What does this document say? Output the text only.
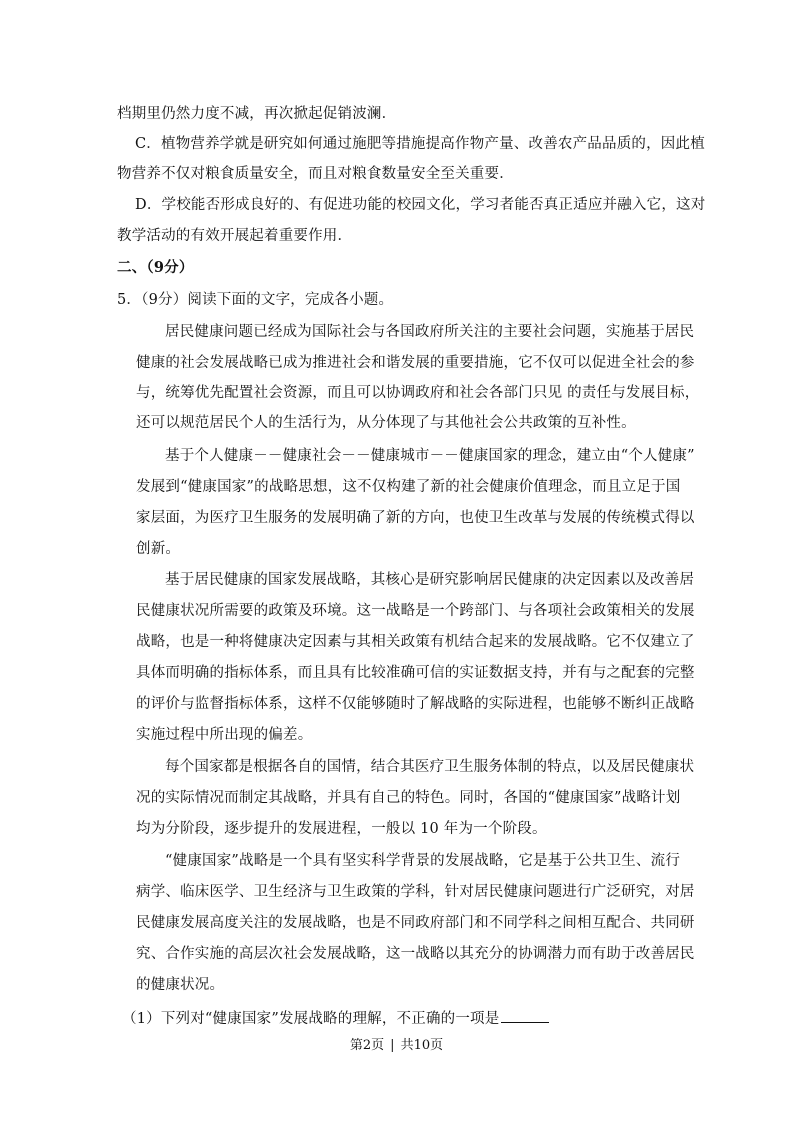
档期里仍然力度不减，再次掀起促销波澜．
C．植物营养学就是研究如何通过施肥等措施提高作物产量、改善农产品品质的，因此植
物营养不仅对粮食质量安全，而且对粮食数量安全至关重要．
D．学校能否形成良好的、有促进功能的校园文化，学习者能否真正适应并融入它，这对
教学活动的有效开展起着重要作用．
二、（9分）
5．（9分）阅读下面的文字，完成各小题。
居民健康问题已经成为国际社会与各国政府所关注的主要社会问题，实施基于居民
健康的社会发展战略已成为推进社会和谐发展的重要措施，它不仅可以促进全社会的参
与，统筹优先配置社会资源，而且可以协调政府和社会各部门只见 的责任与发展目标，
还可以规范居民个人的生活行为，从分体现了与其他社会公共政策的互补性。
基于个人健康－－健康社会－－健康城市－－健康国家的理念，建立由“个人健康”
发展到“健康国家”的战略思想，这不仅构建了新的社会健康价值理念，而且立足于国
家层面，为医疗卫生服务的发展明确了新的方向，也使卫生改革与发展的传统模式得以
创新。
基于居民健康的国家发展战略，其核心是研究影响居民健康的决定因素以及改善居
民健康状况所需要的政策及环境。这一战略是一个跨部门、与各项社会政策相关的发展
战略，也是一种将健康决定因素与其相关政策有机结合起来的发展战略。它不仅建立了
具体而明确的指标体系，而且具有比较准确可信的实证数据支持，并有与之配套的完整
的评价与监督指标体系，这样不仅能够随时了解战略的实际进程，也能够不断纠正战略
实施过程中所出现的偏差。
每个国家都是根据各自的国情，结合其医疗卫生服务体制的特点，以及居民健康状
况的实际情况而制定其战略，并具有自己的特色。同时，各国的“健康国家”战略计划
均为分阶段，逐步提升的发展进程，一般以 10 年为一个阶段。
“健康国家”战略是一个具有坚实科学背景的发展战略，它是基于公共卫生、流行
病学、临床医学、卫生经济与卫生政策的学科，针对居民健康问题进行广泛研究，对居
民健康发展高度关注的发展战略，也是不同政府部门和不同学科之间相互配合、共同研
究、合作实施的高层次社会发展战略，这一战略以其充分的协调潜力而有助于改善居民
的健康状况。
（1）下列对“健康国家”发展战略的理解，不正确的一项是
第2页 | 共10页
